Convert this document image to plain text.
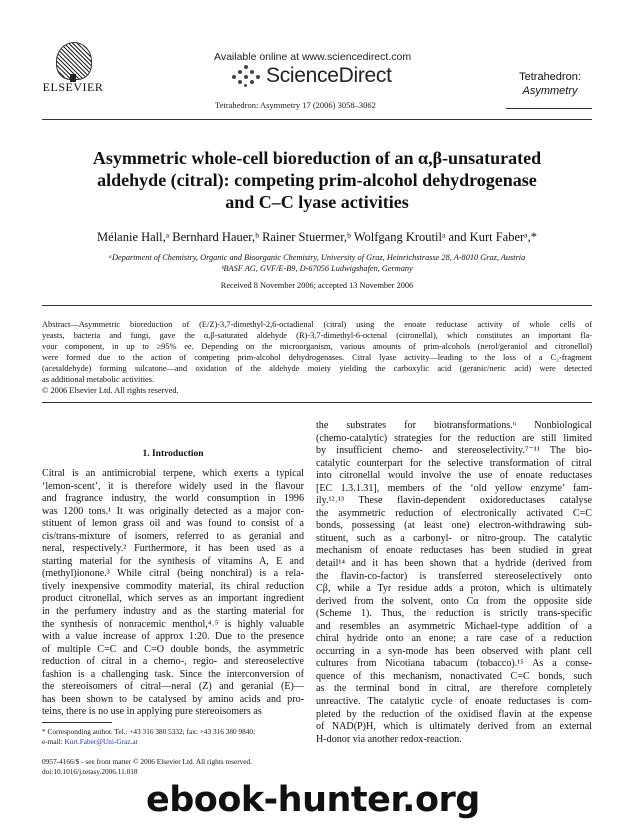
ELSEVIER
Available online at www.sciencedirect.com
ScienceDirect
Tetrahedron: Asymmetry 17 (2006) 3058–3062
Tetrahedron:
Asymmetry
Asymmetric whole-cell bioreduction of an α,β-unsaturated
aldehyde (citral): competing prim-alcohol dehydrogenase
and C–C lyase activities
Mélanie Hall,ᵃ Bernhard Hauer,ᵇ Rainer Stuermer,ᵇ Wolfgang Kroutilᵃ and Kurt Faberᵃ,*
ᵃDepartment of Chemistry, Organic and Bioorganic Chemistry, University of Graz, Heinrichstrasse 28, A-8010 Graz, Austria
ᵇBASF AG, GVF/E-B9, D-67056 Ludwigshafen, Germany
Received 8 November 2006; accepted 13 November 2006
Abstract—Asymmetric bioreduction of (E/Z)-3,7-dimethyl-2,6-octadienal (citral) using the enoate reductase activity of whole cells of
yeasts, bacteria and fungi, gave the α,β-saturated aldehyde (R)-3,7-dimethyl-6-octenal (citronellal), which constitutes an important fla-
vour component, in up to ≥95% ee. Depending on the microorganism, various amounts of prim-alcohols (nerol/geraniol and citronellol)
were formed due to the action of competing prim-alcohol dehydrogenases. Citral lyase activity—leading to the loss of a C₂-fragment
(acetaldehyde) forming sulcatone—and oxidation of the aldehyde moiety yielding the carboxylic acid (geranic/neric acid) were detected
as additional metabolic activities.
© 2006 Elsevier Ltd. All rights reserved.
1. Introduction
Citral is an antimicrobial terpene, which exerts a typical
‘lemon-scent’, it is therefore widely used in the flavour
and fragrance industry, the world consumption in 1996
was 1200 tons.¹ It was originally detected as a major con-
stituent of lemon grass oil and was found to consist of a
cis/trans-mixture of isomers, referred to as geranial and
neral, respectively.² Furthermore, it has been used as a
starting material for the synthesis of vitamins A, E and
(methyl)ionone.³ While citral (being nonchiral) is a rela-
tively inexpensive commodity material, its chiral reduction
product citronellal, which serves as an important ingredient
in the perfumery industry and as the starting material for
the synthesis of nonracemic menthol,⁴˒⁵ is highly valuable
with a value increase of approx 1:20. Due to the presence
of multiple C=C and C=O double bonds, the asymmetric
reduction of citral in a chemo-, regio- and stereoselective
fashion is a challenging task. Since the interconversion of
the stereoisomers of citral—neral (Z) and geranial (E)—
has been shown to be catalysed by amino acids and pro-
teins, there is no use in applying pure stereoisomers as
the substrates for biotransformations.⁶ Nonbiological
(chemo-catalytic) strategies for the reduction are still limited
by insufficient chemo- and stereoselectivity.⁷⁻¹¹ The bio-
catalytic counterpart for the selective transformation of citral
into citronellal would involve the use of enoate reductases
[EC 1.3.1.31], members of the ‘old yellow enzyme’ fam-
ily.¹²˒¹³ These flavin-dependent oxidoreductases catalyse
the asymmetric reduction of electronically activated C=C
bonds, possessing (at least one) electron-withdrawing sub-
stituent, such as a carbonyl- or nitro-group. The catalytic
mechanism of enoate reductases has been studied in great
detail¹⁴ and it has been shown that a hydride (derived from
the flavin-co-factor) is transferred stereoselectively onto
Cβ, while a Tyr residue adds a proton, which is ultimately
derived from the solvent, onto Cα from the opposite side
(Scheme 1). Thus, the reduction is strictly trans-specific
and resembles an asymmetric Michael-type addition of a
chiral hydride onto an enone; a rare case of a reduction
occurring in a syn-mode has been observed with plant cell
cultures from Nicotiana tabacum (tobacco).¹⁵ As a conse-
quence of this mechanism, nonactivated C=C bonds, such
as the terminal bond in citral, are therefore completely
unreactive. The catalytic cycle of enoate reductases is com-
pleted by the reduction of the oxidised flavin at the expense
of NAD(P)H, which is ultimately derived from an external
H-donor via another redox-reaction.
* Corresponding author. Tel.: +43 316 380 5332; fax: +43 316 380 9840;
e-mail: Kurt.Faber@Uni-Graz.at
0957-4166/$ - see front matter © 2006 Elsevier Ltd. All rights reserved.
doi:10.1016/j.tetasy.2006.11.018
ebook-hunter.org
